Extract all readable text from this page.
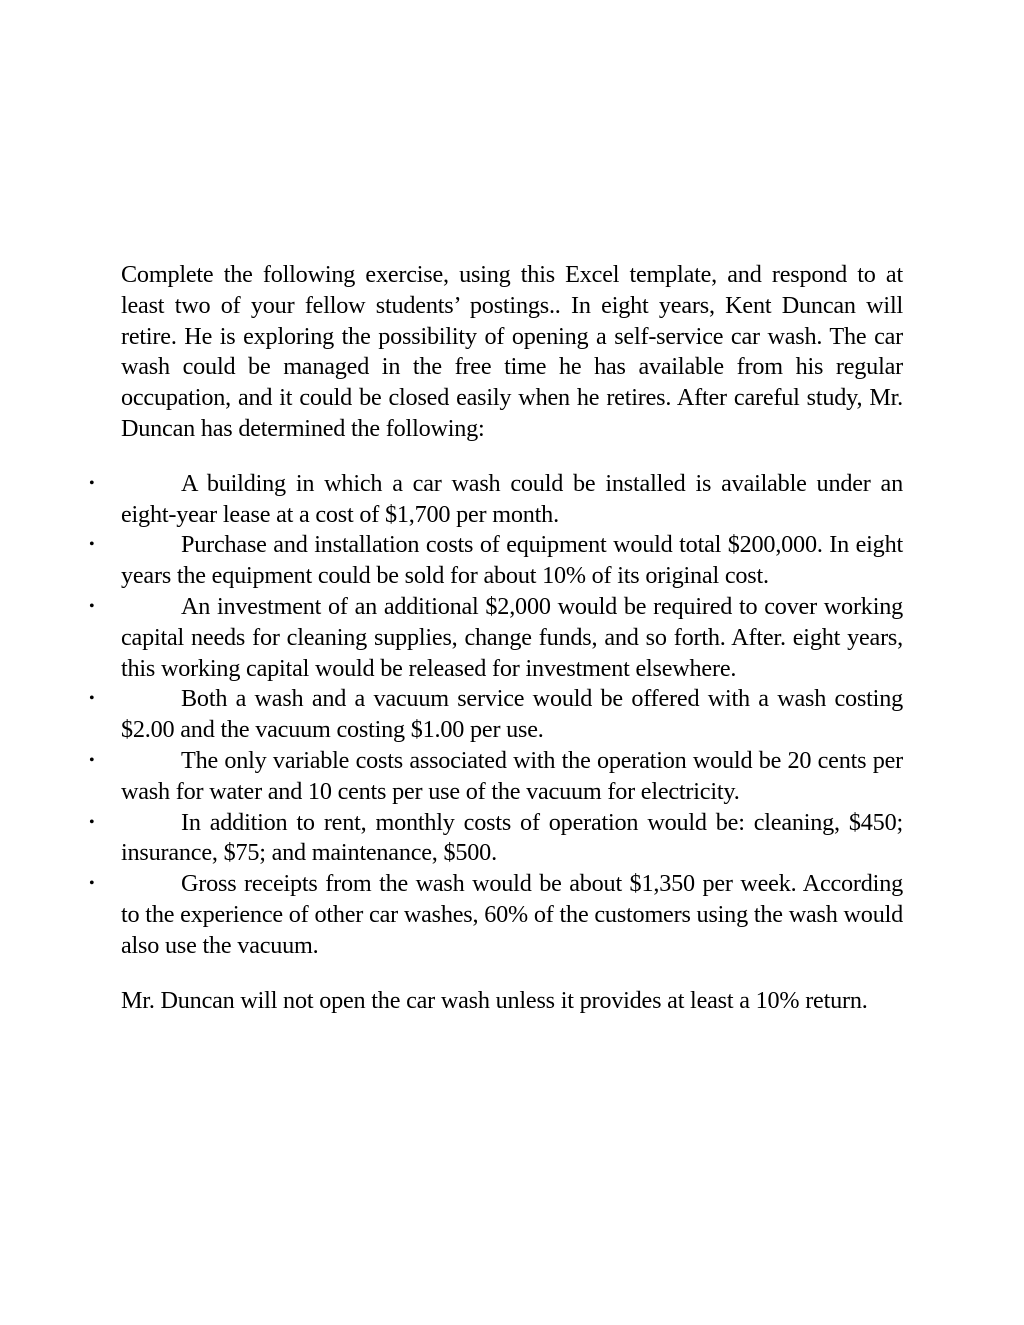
Complete the following exercise, using this Excel template, and respond to at least two of your fellow students’ postings.. In eight years, Kent Duncan will retire. He is exploring the possibility of opening a self-service car wash. The car wash could be managed in the free time he has available from his regular occupation, and it could be closed easily when he retires. After careful study, Mr. Duncan has determined the following:

•	A building in which a car wash could be installed is available under an eight-year lease at a cost of $1,700 per month.
•	Purchase and installation costs of equipment would total $200,000. In eight years the equipment could be sold for about 10% of its original cost.
•	An investment of an additional $2,000 would be required to cover working capital needs for cleaning supplies, change funds, and so forth. After. eight years, this working capital would be released for investment elsewhere.
•	Both a wash and a vacuum service would be offered with a wash costing $2.00 and the vacuum costing $1.00 per use.
•	The only variable costs associated with the operation would be 20 cents per wash for water and 10 cents per use of the vacuum for electricity.
•	In addition to rent, monthly costs of operation would be: cleaning, $450; insurance, $75; and maintenance, $500.
•	Gross receipts from the wash would be about $1,350 per week. According to the experience of other car washes, 60% of the customers using the wash would also use the vacuum.

Mr. Duncan will not open the car wash unless it provides at least a 10% return.
